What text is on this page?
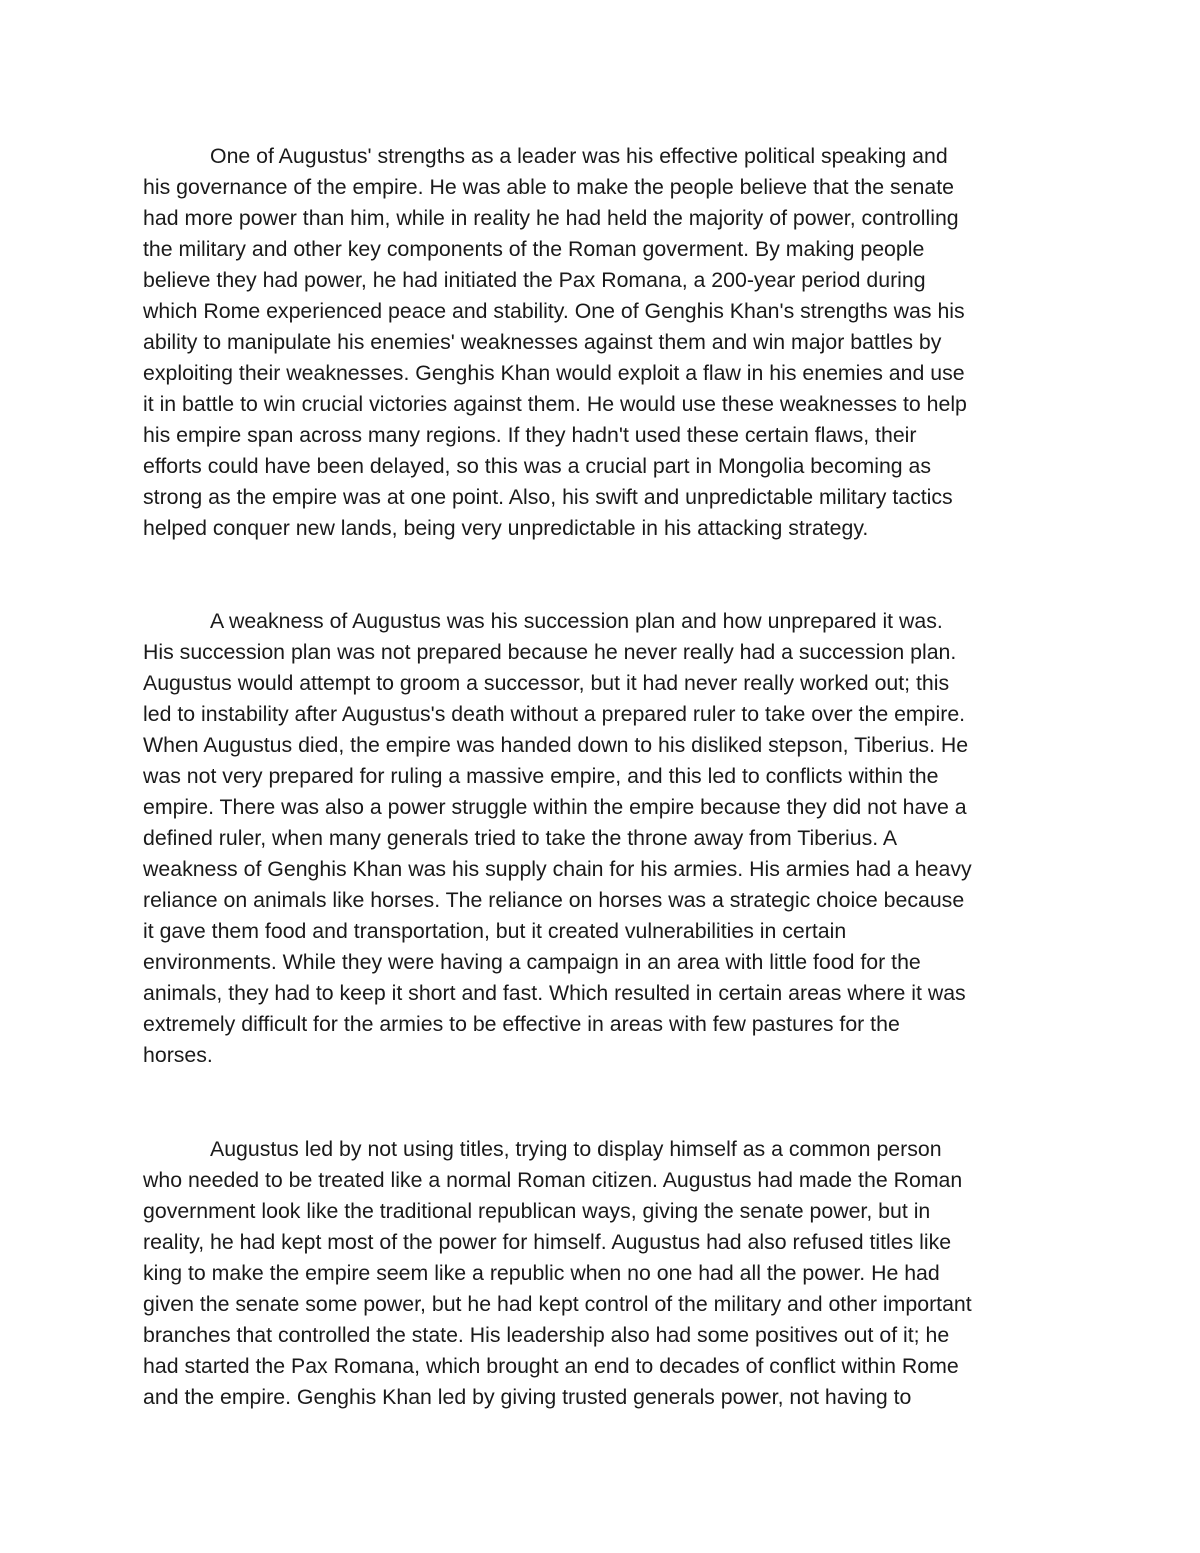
One of Augustus' strengths as a leader was his effective political speaking and
his governance of the empire. He was able to make the people believe that the senate
had more power than him, while in reality he had held the majority of power, controlling
the military and other key components of the Roman goverment. By making people
believe they had power, he had initiated the Pax Romana, a 200-year period during
which Rome experienced peace and stability. One of Genghis Khan's strengths was his
ability to manipulate his enemies' weaknesses against them and win major battles by
exploiting their weaknesses. Genghis Khan would exploit a flaw in his enemies and use
it in battle to win crucial victories against them. He would use these weaknesses to help
his empire span across many regions. If they hadn't used these certain flaws, their
efforts could have been delayed, so this was a crucial part in Mongolia becoming as
strong as the empire was at one point. Also, his swift and unpredictable military tactics
helped conquer new lands, being very unpredictable in his attacking strategy.
A weakness of Augustus was his succession plan and how unprepared it was.
His succession plan was not prepared because he never really had a succession plan.
Augustus would attempt to groom a successor, but it had never really worked out; this
led to instability after Augustus's death without a prepared ruler to take over the empire.
When Augustus died, the empire was handed down to his disliked stepson, Tiberius. He
was not very prepared for ruling a massive empire, and this led to conflicts within the
empire. There was also a power struggle within the empire because they did not have a
defined ruler, when many generals tried to take the throne away from Tiberius. A
weakness of Genghis Khan was his supply chain for his armies. His armies had a heavy
reliance on animals like horses. The reliance on horses was a strategic choice because
it gave them food and transportation, but it created vulnerabilities in certain
environments. While they were having a campaign in an area with little food for the
animals, they had to keep it short and fast. Which resulted in certain areas where it was
extremely difficult for the armies to be effective in areas with few pastures for the
horses.
Augustus led by not using titles, trying to display himself as a common person
who needed to be treated like a normal Roman citizen. Augustus had made the Roman
government look like the traditional republican ways, giving the senate power, but in
reality, he had kept most of the power for himself. Augustus had also refused titles like
king to make the empire seem like a republic when no one had all the power. He had
given the senate some power, but he had kept control of the military and other important
branches that controlled the state. His leadership also had some positives out of it; he
had started the Pax Romana, which brought an end to decades of conflict within Rome
and the empire. Genghis Khan led by giving trusted generals power, not having to
